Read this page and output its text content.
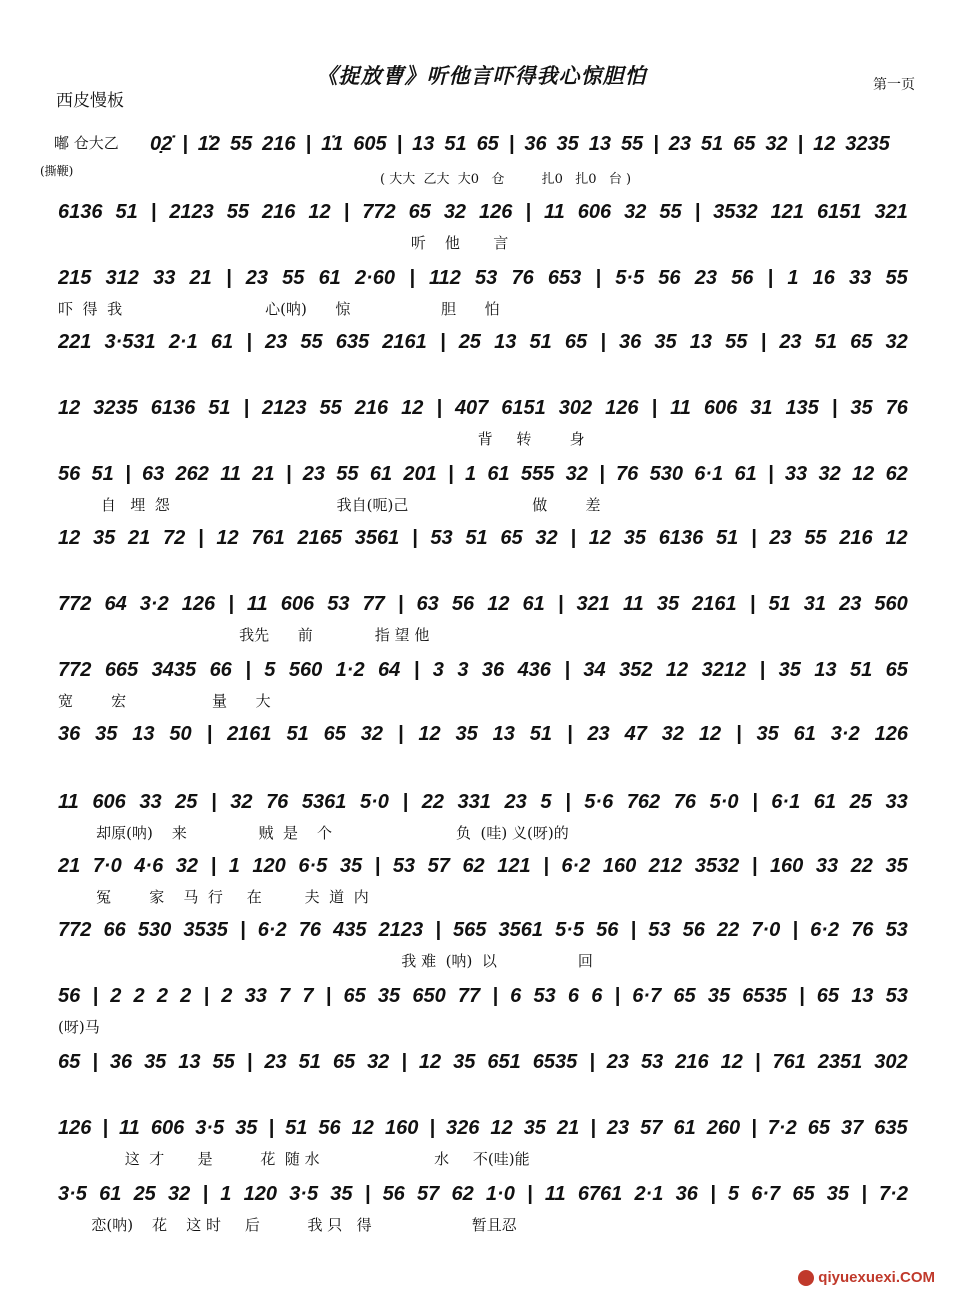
《捉放曹》听他言吓得我心惊胆怕
西皮慢板
第一页
嘟 仓大乙
(撕鞭)
( 大大  乙大  大0   仓         扎0   扎0   台 )
0̣2̇ | 1̇2 55 216 | 1̇1 605 | 13 51 65 | 36 35 13 55 | 23 51 65 32 | 12 3235
6136 51 | 2123 55 216 12 | 772 65 32 126 | 11 606 32 55 | 3532 121 6151 321
听    他       言
215 312 33 21 | 23 55 61 2·60 | 112 53 76 653 | 5·5 56 23 56 | 1 16 33 55
吓  得  我                              心(呐)      惊                   胆      怕
221 3·531 2·1 61 | 23 55 635 2161 | 25 13 51 65 | 36 35 13 55 | 23 51 65 32
12 3235 6136 51 | 2123 55 216 12 | 407 6151 302 126 | 11 606 31 135 | 35 76
背     转        身
56 51 | 63 262 11 21 | 23 55 61 201 | 1 61 555 32 | 76 530 6·1 61 | 33 32 12 62
自   埋  怨                                   我自(呃)己                          做        差
12 35 21 72 | 12 761 2165 3561 | 53 51 65 32 | 12 35 6136 51 | 23 55 216 12
772 64 3·2 126 | 11 606 53 77 | 63 56 12 61 | 321 11 35 2161 | 51 31 23 560
我先      前             指 望 他
772 665 3435 66 | 5 560 1·2 64 | 3 3 36 436 | 34 352 12 3212 | 35 13 51 65
宽        宏                  量      大
36 35 13 50 | 2161 51 65 32 | 12 35 13 51 | 23 47 32 12 | 35 61 3·2 126
11 606 33 25 | 32 76 5361 5·0 | 22 331 23 5 | 5·6 762 76 5·0 | 6·1 61 25 33
却原(呐)    来               贼  是    个                          负  (哇) 义(呀)的
21 7·0 4·6 32 | 1 120 6·5 35 | 53 57 62 121 | 6·2 160 212 3532 | 160 33 22 35
冤        家    马  行     在         夫  道  内
772 66 530 3535 | 6·2 76 435 2123 | 565 3561 5·5 56 | 53 56 22 7·0 | 6·2 76 53
我 难  (呐)  以                 回
56 | 2 2 2 2 | 2 33 7 7 | 65 35 650 77 | 6 53 6 6 | 6·7 65 35 6535 | 65 13 53
(呀)马
65 | 36 35 13 55 | 23 51 65 32 | 12 35 651 6535 | 23 53 216 12 | 761 2351 302
126 | 11 606 3·5 35 | 51 56 12 160 | 326 12 35 21 | 23 57 61 260 | 7·2 65 37 635
这  才       是          花  随 水                        水     不(哇)能
3·5 61 25 32 | 1 120 3·5 35 | 56 57 62 1·0 | 11 6761 2·1 36 | 5 6·7 65 35 | 7·2
恋(呐)    花    这 时     后          我 只   得                     暂且忍
qiyuexuexi.COM
